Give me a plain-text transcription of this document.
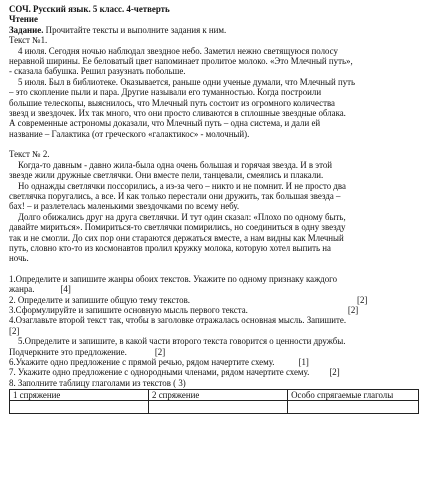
СОЧ. Русский язык. 5 класс. 4-четверть
Чтение
Задание. Прочитайте тексты и выполните задания к ним.
Текст №1.
4 июля. Сегодня ночью наблюдал звездное небо. Заметил нежно светящуюся полосу
неравной ширины. Ее беловатый цвет напоминает пролитое молоко. «Это Млечный путь»,
- сказала бабушка. Решил разузнать побольше.
5 июля. Был в библиотеке. Оказывается, раньше одни ученые думали, что Млечный путь
– это скопление пыли и пара. Другие называли его туманностью. Когда построили
большие телескопы, выяснилось, что Млечный путь состоит из огромного количества
звезд и звездочек. Их так много, что они просто сливаются в сплошные звездные облака.
А современные астрономы доказали, что Млечный путь – одна система, и дали ей
название – Галактика (от греческого «галактикос» - молочный).
Текст № 2.
Когда-то давным - давно жила-была одна очень большая и горячая звезда. И в этой
звезде жили дружные светлячки. Они вместе пели, танцевали, смеялись и плакали.
Но однажды светлячки поссорились, а из-за чего – никто и не помнит. И не просто два
светлячка поругались, а все. И как только перестали они дружить, так большая звезда –
бах! – и разлетелась маленькими звездочками по всему небу.
Долго обижались друг на друга светлячки. И тут один сказал: «Плохо по одному быть,
давайте мириться». Помириться-то светлячки помирились, но соединиться в одну звезду
так и не смогли. До сих пор они стараются держаться вместе, а нам видны как Млечный
путь, словно кто-то из космонавтов пролил кружку молока, которую хотел выпить на
ночь.
1.Определите и запишите жанры обоих текстов. Укажите по одному признаку каждого
жанра.	[4]
2. Определите и запишите общую тему текстов.	[2]
3.Сформулируйте и запишите основную мысль первого текста.	[2]
4.Озаглавьте второй текст так, чтобы в заголовке отражалась основная мысль. Запишите.
[2]
5.Определите и запишите, в какой части второго текста говорится о ценности дружбы.
Подчеркните это предложение.	[2]
6.Укажите одно предложение с прямой речью, рядом начертите схему.	[1]
7. Укажите одно предложение с однородными членами, рядом начертите схему. [2]
8. Заполните таблицу глаголами из текстов ( 3)
1 спряжение	2 спряжение	Особо спрягаемые глаголы
